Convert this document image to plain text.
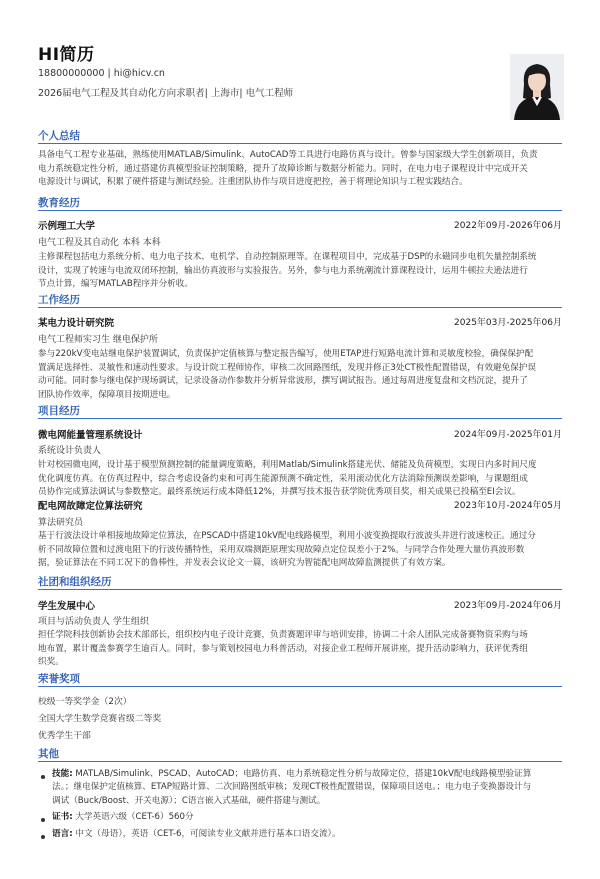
HI简历
18800000000 | hi@hicv.cn
2026届电气工程及其自动化方向求职者| 上海市| 电气工程师
个人总结
具备电气工程专业基础，熟练使用MATLAB/Simulink、AutoCAD等工具进行电路仿真与设计。曾参与国家级大学生创新项目，负责
电力系统稳定性分析，通过搭建仿真模型验证控制策略，提升了故障诊断与数据分析能力。同时，在电力电子课程设计中完成开关
电源设计与调试，积累了硬件搭建与测试经验。注重团队协作与项目进度把控，善于将理论知识与工程实践结合。
教育经历
示例理工大学	2022年09月-2026年06月
电气工程及其自动化 本科 本科
主修课程包括电力系统分析、电力电子技术、电机学、自动控制原理等。在课程项目中，完成基于DSP的永磁同步电机矢量控制系统
设计，实现了转速与电流双闭环控制，输出仿真波形与实验报告。另外，参与电力系统潮流计算课程设计，运用牛顿拉夫逊法进行
节点计算，编写MATLAB程序并分析收。
工作经历
某电力设计研究院	2025年03月-2025年06月
电气工程师实习生 继电保护所
参与220kV变电站继电保护装置调试，负责保护定值核算与整定报告编写，使用ETAP进行短路电流计算和灵敏度校验，确保保护配
置满足选择性、灵敏性和速动性要求。与设计院工程师协作，审核二次回路图纸，发现并修正3处CT极性配置错误，有效避免保护误
动可能。同时参与继电保护现场调试，记录设备动作参数并分析异常波形，撰写调试报告。通过每周进度复盘和文档沉淀，提升了
团队协作效率，保障项目按期进电。
项目经历
微电网能量管理系统设计	2024年09月-2025年01月
系统设计负责人
针对校园微电网，设计基于模型预测控制的能量调度策略，利用Matlab/Simulink搭建光伏、储能及负荷模型，实现日内多时间尺度
优化调度仿真。在仿真过程中，综合考虑设备约束和可再生能源预测不确定性，采用滚动优化方法消除预测误差影响，与课题组成
员协作完成算法调试与参数整定。最终系统运行成本降低12%，并撰写技术报告获学院优秀项目奖，相关成果已投稿至EI会议。
配电网故障定位算法研究	2023年10月-2024年05月
算法研究员
基于行波法设计单相接地故障定位算法，在PSCAD中搭建10kV配电线路模型，利用小波变换提取行波波头并进行波速校正。通过分
析不同故障位置和过渡电阻下的行波传播特性，采用双端测距原理实现故障点定位误差小于2%。与同学合作处理大量仿真波形数
据，验证算法在不同工况下的鲁棒性，并发表会议论文一篇，该研究为智能配电网故障监测提供了有效方案。
社团和组织经历
学生发展中心	2023年09月-2024年06月
项目与活动负责人 学生组织
担任学院科技创新协会技术部部长，组织校内电子设计竞赛，负责赛题评审与培训安排，协调二十余人团队完成备赛物资采购与场
地布置，累计覆盖参赛学生逾百人。同时，参与策划校园电力科普活动，对接企业工程师开展讲座，提升活动影响力，获评优秀组
织奖。
荣誉奖项
校级一等奖学金（2次）
全国大学生数学竞赛省级二等奖
优秀学生干部
其他
技能: MATLAB/Simulink、PSCAD、AutoCAD；电路仿真、电力系统稳定性分析与故障定位，搭建10kV配电线路模型验证算
法。；继电保护定值核算、ETAP短路计算、二次回路图纸审核；发现CT极性配置错误，保障项目送电。；电力电子变换器设计与
调试（Buck/Boost、开关电源）；C语言嵌入式基础，硬件搭建与测试。
证书: 大学英语六级（CET-6）560分
语言: 中文（母语），英语（CET-6，可阅读专业文献并进行基本口语交流）。
